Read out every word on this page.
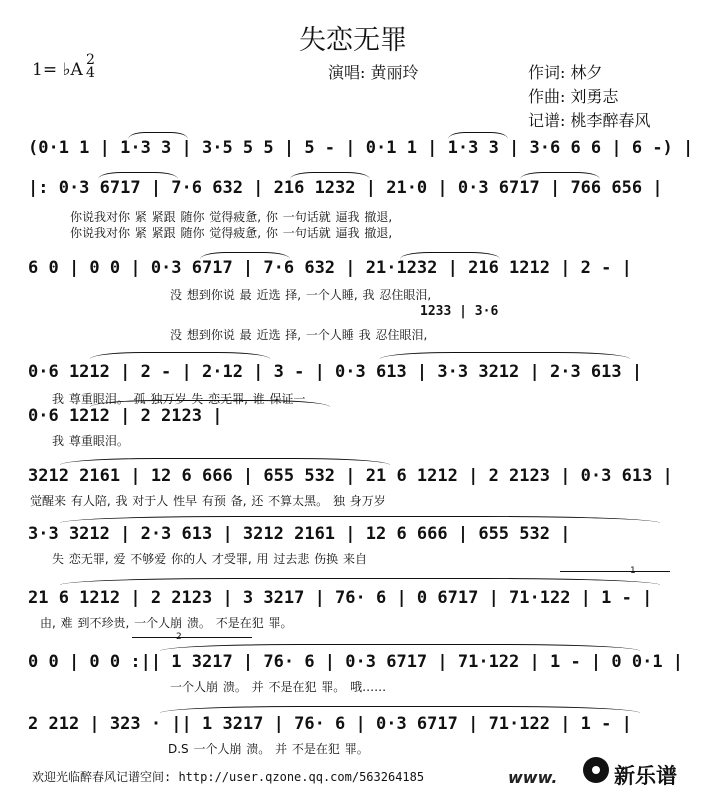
失恋无罪
1= ♭A 2
4	演唱: 黄丽玲	作词: 林夕
作曲: 刘勇志
记谱: 桃李醉春风
1
2
(0·1 1 | 1·3 3 | 3·5 5 5 | 5 - | 0·1 1 | 1·3 3 | 3·6 6 6 | 6 -) |
|: 0·3 6717 | 7·6 632 | 216 1232 | 21·0 | 0·3 6717 | 766 656 |
你说我对你 紧 紧跟 随你 觉得疲惫, 你 一句话就 逼我 撤退,
你说我对你 紧 紧跟 随你 觉得疲惫, 你 一句话就 逼我 撤退,
6 0 | 0 0 | 0·3 6717 | 7·6 632 | 21·1232 | 216 1212 | 2 - |
没 想到你说 最 近选 择, 一个人睡, 我 忍住眼泪,
1233 | 3·6
没 想到你说 最 近选 择, 一个人睡 我 忍住眼泪,
0·6 1212 | 2 - | 2·12 | 3 - | 0·3 613 | 3·3 3212 | 2·3 613 |
我 尊重眼泪。 孤 独万岁 失 恋无罪, 谁 保证一
0·6 1212 | 2 2123 |
我 尊重眼泪。
3212 2161 | 12 6 666 | 655 532 | 21 6 1212 | 2 2123 | 0·3 613 |
觉醒来 有人陪, 我 对于人 性早 有预 备, 还 不算太黑。 独 身万岁
3·3 3212 | 2·3 613 | 3212 2161 | 12 6 666 | 655 532 |
失 恋无罪, 爱 不够爱 你的人 才受罪, 用 过去悲 伤换 来自
21 6 1212 | 2 2123 | 3 3217 | 76· 6 | 0 6717 | 71·122 | 1 - |
由, 难 到不珍贵, 一个人崩 溃。 不是在犯 罪。
0 0 | 0 0 :|| 1 3217 | 76· 6 | 0·3 6717 | 71·122 | 1 - | 0 0·1 |
一个人崩 溃。 并 不是在犯 罪。 哦……
2 212 | 323 · || 1 3217 | 76· 6 | 0·3 6717 | 71·122 | 1 - |
D.S 一个人崩 溃。 并 不是在犯 罪。
欢迎光临醉春风记谱空间: http://user.qzone.qq.com/563264185	www.	新乐谱
